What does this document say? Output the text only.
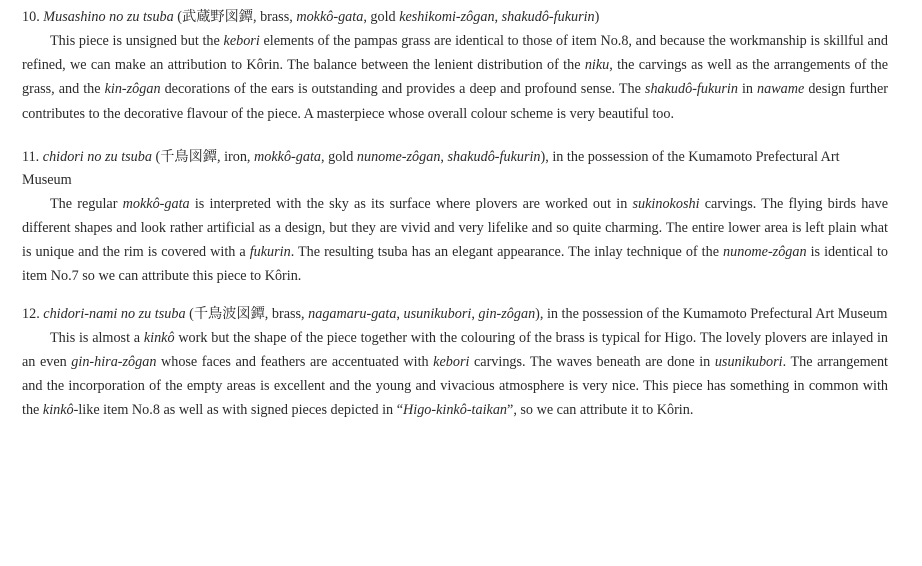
10. Musashino no zu tsuba (武蔵野図鐔, brass, mokkô-gata, gold keshikomi-zôgan, shakudô-fukurin)

This piece is unsigned but the kebori elements of the pampas grass are identical to those of item No.8, and because the workmanship is skillful and refined, we can make an attribution to Kôrin. The balance between the lenient distribution of the niku, the carvings as well as the arrangements of the grass, and the kin-zôgan decorations of the ears is outstanding and provides a deep and profound sense. The shakudô-fukurin in nawame design further contributes to the decorative flavour of the piece. A masterpiece whose overall colour scheme is very beautiful too.

11. chidori no zu tsuba (千鳥図鐔, iron, mokkô-gata, gold nunome-zôgan, shakudô-fukurin), in the possession of the Kumamoto Prefectural Art Museum

The regular mokkô-gata is interpreted with the sky as its surface where plovers are worked out in sukinokoshi carvings. The flying birds have different shapes and look rather artificial as a design, but they are vivid and very lifelike and so quite charming. The entire lower area is left plain what is unique and the rim is covered with a fukurin. The resulting tsuba has an elegant appearance. The inlay technique of the nunome-zôgan is identical to item No.7 so we can attribute this piece to Kôrin.

12. chidori-nami no zu tsuba (千鳥波図鐔, brass, nagamaru-gata, usunikubori, gin-zôgan), in the possession of the Kumamoto Prefectural Art Museum

This is almost a kinkô work but the shape of the piece together with the colouring of the brass is typical for Higo. The lovely plovers are inlayed in an even gin-hira-zôgan whose faces and feathers are accentuated with kebori carvings. The waves beneath are done in usunikubori. The arrangement and the incorporation of the empty areas is excellent and the young and vivacious atmosphere is very nice. This piece has something in common with the kinkô-like item No.8 as well as with signed pieces depicted in “Higo-kinkô-taikan”, so we can attribute it to Kôrin.
